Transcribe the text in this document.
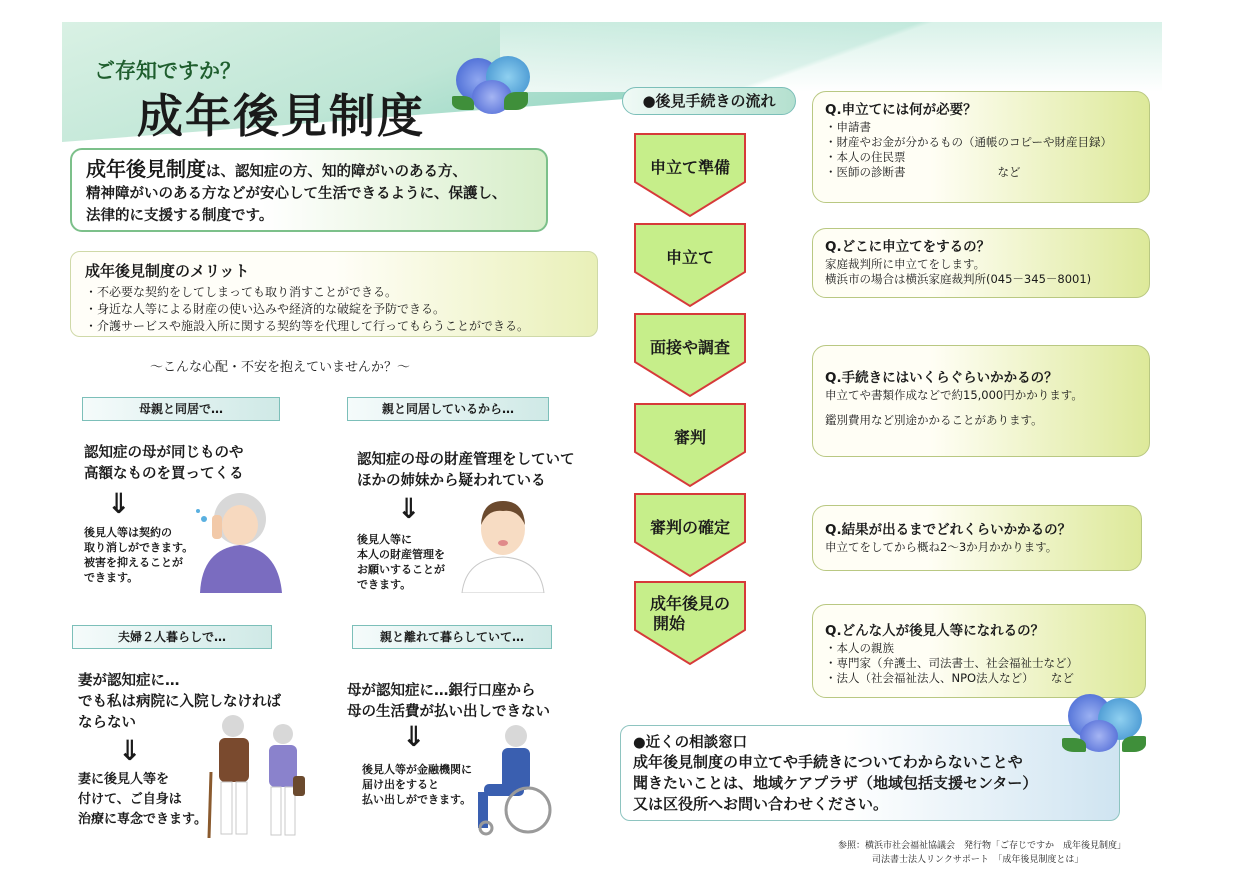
ご存知ですか？
成年後見制度
成年後見制度は、認知症の方、知的障がいのある方、
精神障がいのある方などが安心して生活できるように、保護し、
法律的に支援する制度です。
成年後見制度のメリット
・不必要な契約をしてしまっても取り消すことができる。
・身近な人等による財産の使い込みや経済的な破綻を予防できる。
・介護サービスや施設入所に関する契約等を代理して行ってもらうことができる。
～こんな心配・不安を抱えていませんか？～
母親と同居で…
認知症の母が同じものや
高額なものを買ってくる
⇓
後見人等は契約の
取り消しができます。
被害を抑えることが
できます。
親と同居しているから…
認知症の母の財産管理をしていて
ほかの姉妹から疑われている
⇓
後見人等に
本人の財産管理を
お願いすることが
できます。
夫婦２人暮らしで…
妻が認知症に…
でも私は病院に入院しなければ
ならない
⇓
妻に後見人等を
付けて、ご自身は
治療に専念できます。
親と離れて暮らしていて…
母が認知症に…銀行口座から
母の生活費が払い出しできない
⇓
後見人等が金融機関に
届け出をすると
払い出しができます。
●後見手続きの流れ
申立て準備
申立て
面接や調査
審判
審判の確定
成年後見の
開始
Q.申立てには何が必要？
・申請書
・財産やお金が分かるもの（通帳のコピーや財産目録）
・本人の住民票
・医師の診断書　　　　　　　　など
Q.どこに申立てをするの？
家庭裁判所に申立てをします。
横浜市の場合は横浜家庭裁判所(045－345－8001)
Q.手続きにはいくらぐらいかかるの？
申立てや書類作成などで約15,000円かかります。
鑑別費用など別途かかることがあります。
Q.結果が出るまでどれくらいかかるの？
申立てをしてから概ね2～3か月かかります。
Q.どんな人が後見人等になれるの？
・本人の親族
・専門家（弁護士、司法書士、社会福祉士など）
・法人（社会福祉法人、NPO法人など）　　など
●近くの相談窓口
成年後見制度の申立てや手続きについてわからないことや
聞きたいことは、地域ケアプラザ（地域包括支援センター）
又は区役所へお問い合わせください。
参照：横浜市社会福祉協議会　発行物「ご存じですか　成年後見制度」
司法書士法人リンクサポート　「成年後見制度とは」
